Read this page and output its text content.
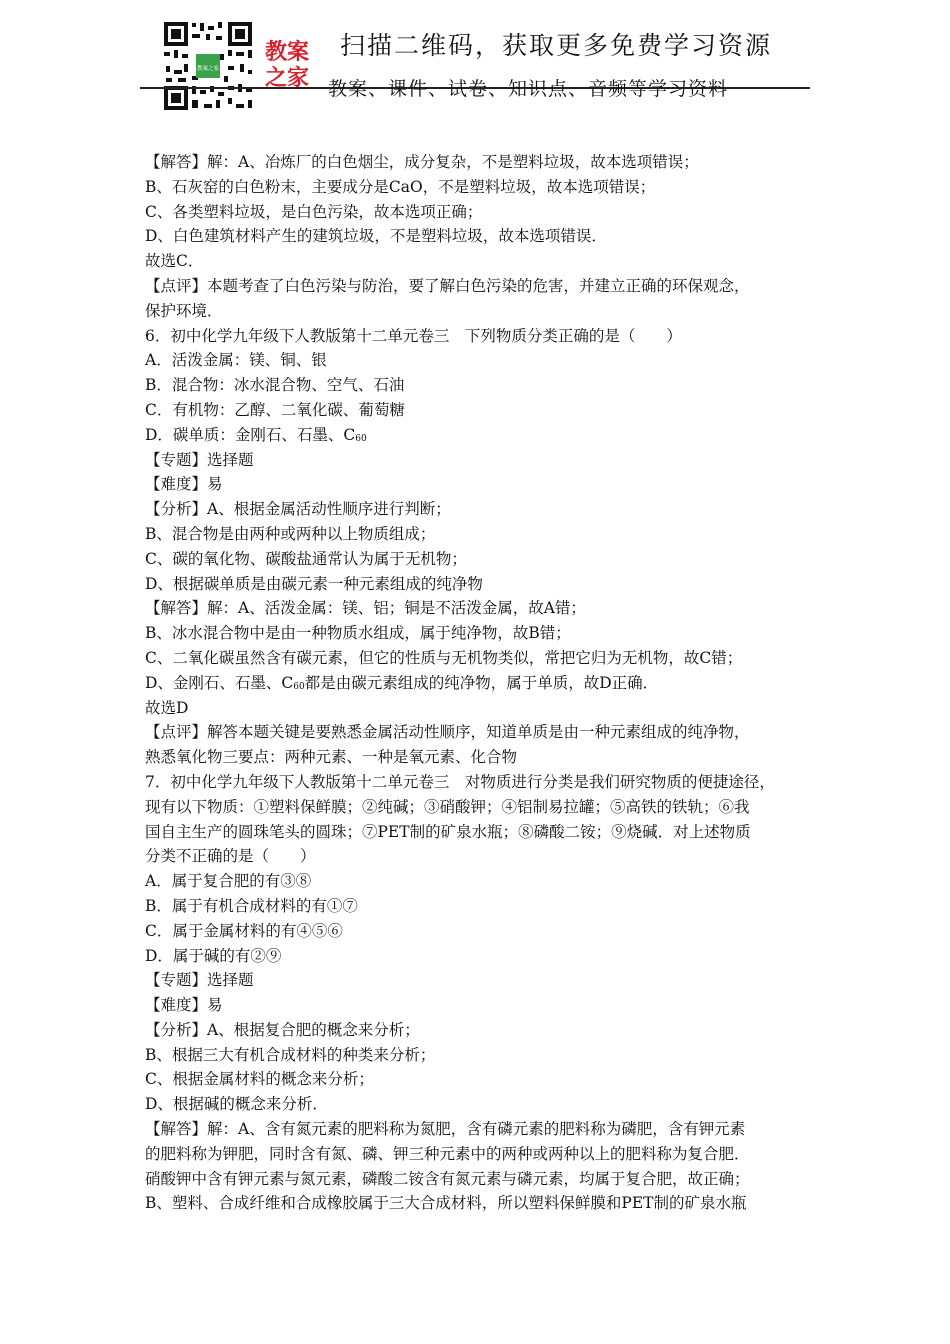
教案之家
教案
之家
扫描二维码，获取更多免费学习资源
教案、课件、试卷、知识点、音频等学习资料
【解答】解：A、冶炼厂的白色烟尘，成分复杂，不是塑料垃圾，故本选项错误；
B、石灰窑的白色粉末，主要成分是CaO，不是塑料垃圾，故本选项错误；
C、各类塑料垃圾，是白色污染，故本选项正确；
D、白色建筑材料产生的建筑垃圾，不是塑料垃圾，故本选项错误．
故选C．
【点评】本题考查了白色污染与防治，要了解白色污染的危害，并建立正确的环保观念，
保护环境．
6．初中化学九年级下人教版第十二单元卷三　下列物质分类正确的是（　　）
A．活泼金属：镁、铜、银
B．混合物：冰水混合物、空气、石油
C．有机物：乙醇、二氧化碳、葡萄糖
D．碳单质：金刚石、石墨、$C_{60}$
【专题】选择题
【难度】易
【分析】A、根据金属活动性顺序进行判断；
B、混合物是由两种或两种以上物质组成；
C、碳的氧化物、碳酸盐通常认为属于无机物；
D、根据碳单质是由碳元素一种元素组成的纯净物
【解答】解：A、活泼金属：镁、铝；铜是不活泼金属，故A错；
B、冰水混合物中是由一种物质水组成，属于纯净物，故B错；
C、二氧化碳虽然含有碳元素，但它的性质与无机物类似，常把它归为无机物，故C错；
D、金刚石、石墨、$C_{60}$都是由碳元素组成的纯净物，属于单质，故D正确．
故选D
【点评】解答本题关键是要熟悉金属活动性顺序，知道单质是由一种元素组成的纯净物，
熟悉氧化物三要点：两种元素、一种是氧元素、化合物
7．初中化学九年级下人教版第十二单元卷三　对物质进行分类是我们研究物质的便捷途径，
现有以下物质：①塑料保鲜膜；②纯碱；③硝酸钾；④铝制易拉罐；⑤高铁的铁轨；⑥我
国自主生产的圆珠笔头的圆珠；⑦PET制的矿泉水瓶；⑧磷酸二铵；⑨烧碱．对上述物质
分类不正确的是（　　）
A．属于复合肥的有③⑧
B．属于有机合成材料的有①⑦
C．属于金属材料的有④⑤⑥
D．属于碱的有②⑨
【专题】选择题
【难度】易
【分析】A、根据复合肥的概念来分析；
B、根据三大有机合成材料的种类来分析；
C、根据金属材料的概念来分析；
D、根据碱的概念来分析．
【解答】解：A、含有氮元素的肥料称为氮肥，含有磷元素的肥料称为磷肥，含有钾元素
的肥料称为钾肥，同时含有氮、磷、钾三种元素中的两种或两种以上的肥料称为复合肥．
硝酸钾中含有钾元素与氮元素，磷酸二铵含有氮元素与磷元素，均属于复合肥，故正确；
B、塑料、合成纤维和合成橡胶属于三大合成材料，所以塑料保鲜膜和PET制的矿泉水瓶
